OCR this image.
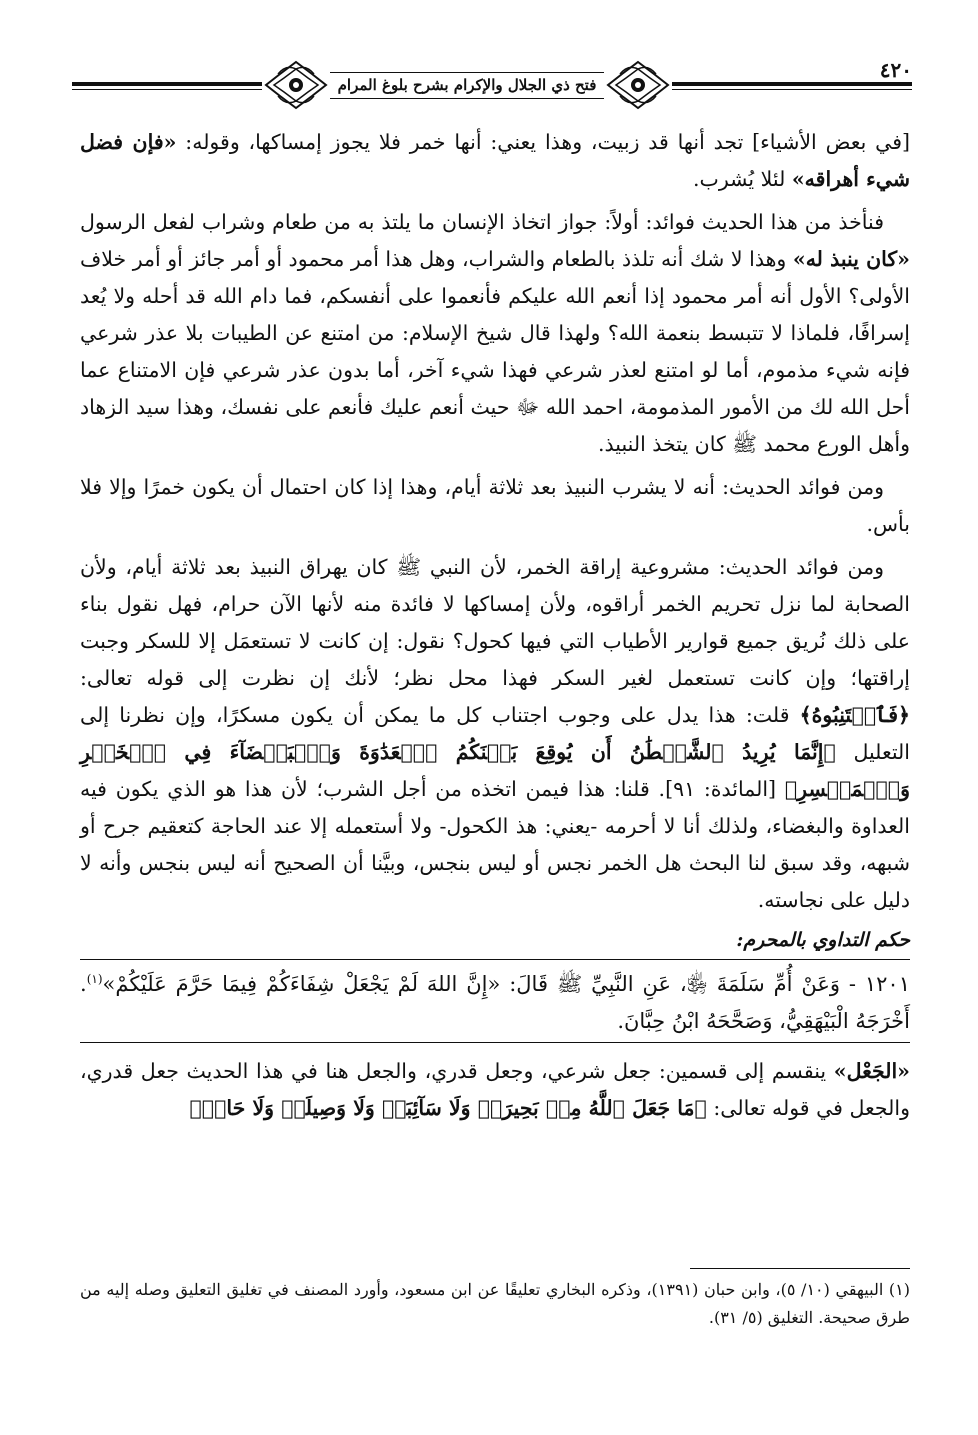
فتح ذي الجلال والإكرام بشرح بلوغ المرام
٤٢٠

[في بعض الأشياء] تجد أنها قد زبيت، وهذا يعني: أنها خمر فلا يجوز إمساكها، وقوله: «فإن فضل شيء أهراقه» لئلا يُشرب.

فنأخذ من هذا الحديث فوائد: أولاً: جواز اتخاذ الإنسان ما يلتذ به من طعام وشراب لفعل الرسول «كان ينبذ له» وهذا لا شك أنه تلذذ بالطعام والشراب، وهل هذا أمر محمود أو أمر جائز أو أمر خلاف الأولى؟ الأول أنه أمر محمود إذا أنعم الله عليكم فأنعموا على أنفسكم، فما دام الله قد أحله ولا يُعد إسرافًا، فلماذا لا تتبسط بنعمة الله؟ ولهذا قال شيخ الإسلام: من امتنع عن الطيبات بلا عذر شرعي فإنه شيء مذموم، أما لو امتنع لعذر شرعي فهذا شيء آخر، أما بدون عذر شرعي فإن الامتناع عما أحل الله لك من الأمور المذمومة، احمد الله ﷻ حيث أنعم عليك فأنعم على نفسك، وهذا سيد الزهاد وأهل الورع محمد ﷺ كان يتخذ النبيذ.

ومن فوائد الحديث: أنه لا يشرب النبيذ بعد ثلاثة أيام، وهذا إذا كان احتمال أن يكون خمرًا وإلا فلا بأس.

ومن فوائد الحديث: مشروعية إراقة الخمر، لأن النبي ﷺ كان يهراق النبيذ بعد ثلاثة أيام، ولأن الصحابة لما نزل تحريم الخمر أراقوه، ولأن إمساكها لا فائدة منه لأنها الآن حرام، فهل نقول بناء على ذلك نُريق جميع قوارير الأطياب التي فيها كحول؟ نقول: إن كانت لا تستعمَل إلا للسكر وجبت إراقتها؛ وإن كانت تستعمل لغير السكر فهذا محل نظر؛ لأنك إن نظرت إلى قوله تعالى: ﴿فَٱجۡتَنِبُوهُ﴾ قلت: هذا يدل على وجوب اجتناب كل ما يمكن أن يكون مسكرًا، وإن نظرنا إلى التعليل ﴿إِنَّمَا يُرِيدُ ٱلشَّيۡطَٰنُ أَن يُوقِعَ بَيۡنَكُمُ ٱلۡعَدَٰوَةَ وَٱلۡبَغۡضَآءَ فِي ٱلۡخَمۡرِ وَٱلۡمَيۡسِرِ﴾ [المائدة: ٩١]. قلنا: هذا فيمن اتخذه من أجل الشرب؛ لأن هذا هو الذي يكون فيه العداوة والبغضاء، ولذلك أنا لا أحرمه -يعني: هذ الكحول- ولا أستعمله إلا عند الحاجة كتعقيم جرح أو شبهه، وقد سبق لنا البحث هل الخمر نجس أو ليس بنجس، وبيَّنا أن الصحيح أنه ليس بنجس وأنه لا دليل على نجاسته.

حكم التداوي بالمحرم:
١٢٠١ - وَعَنْ أُمِّ سَلَمَةَ ﵂، عَنِ النَّبِيِّ ﷺ قَالَ: «إِنَّ اللهَ لَمْ يَجْعَلْ شِفَاءَكُمْ فِيمَا حَرَّمَ عَلَيْكُمْ»$^{(١)}$. أَخْرَجَهُ الْبَيْهَقِيُّ، وَصَحَّحَهُ ابْنُ حِبَّانَ.

«الجَعْل» ينقسم إلى قسمين: جعل شرعي، وجعل قدري، والجعل هنا في هذا الحديث جعل قدري، والجعل في قوله تعالى: ﴿مَا جَعَلَ ٱللَّهُ مِنۢ بَحِيرَةٖ وَلَا سَآئِبَةٖ وَلَا وَصِيلَةٖ وَلَا حَامٖ﴾

(١) البيهقي (١٠/ ٥)، وابن حبان (١٣٩١)، وذكره البخاري تعليقًا عن ابن مسعود، وأورد المصنف في تغليق التعليق وصله إليه من طرق صحيحة. التغليق (٥/ ٣١).
